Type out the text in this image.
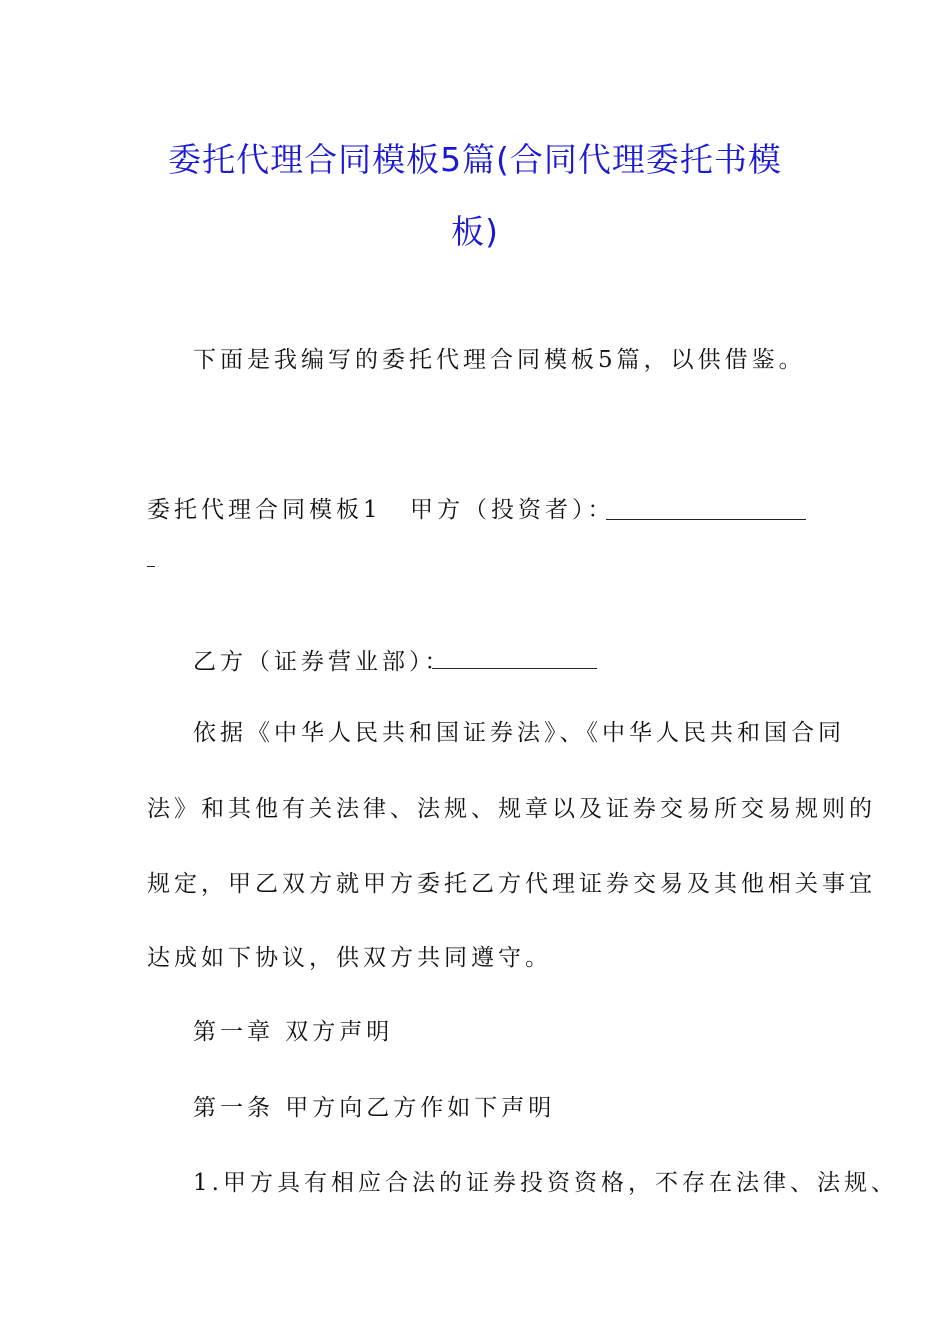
委托代理合同模板5篇(合同代理委托书模
板)
下面是我编写的委托代理合同模板5篇，以供借鉴。
委托代理合同模板1 甲方（投资者）：
乙方（证券营业部）：
依据《中华人民共和国证券法》、《中华人民共和国合同
法》和其他有关法律、法规、规章以及证券交易所交易规则的
规定，甲乙双方就甲方委托乙方代理证券交易及其他相关事宜
达成如下协议，供双方共同遵守。
第一章 双方声明
第一条 甲方向乙方作如下声明
1.甲方具有相应合法的证券投资资格，不存在法律、法规、
